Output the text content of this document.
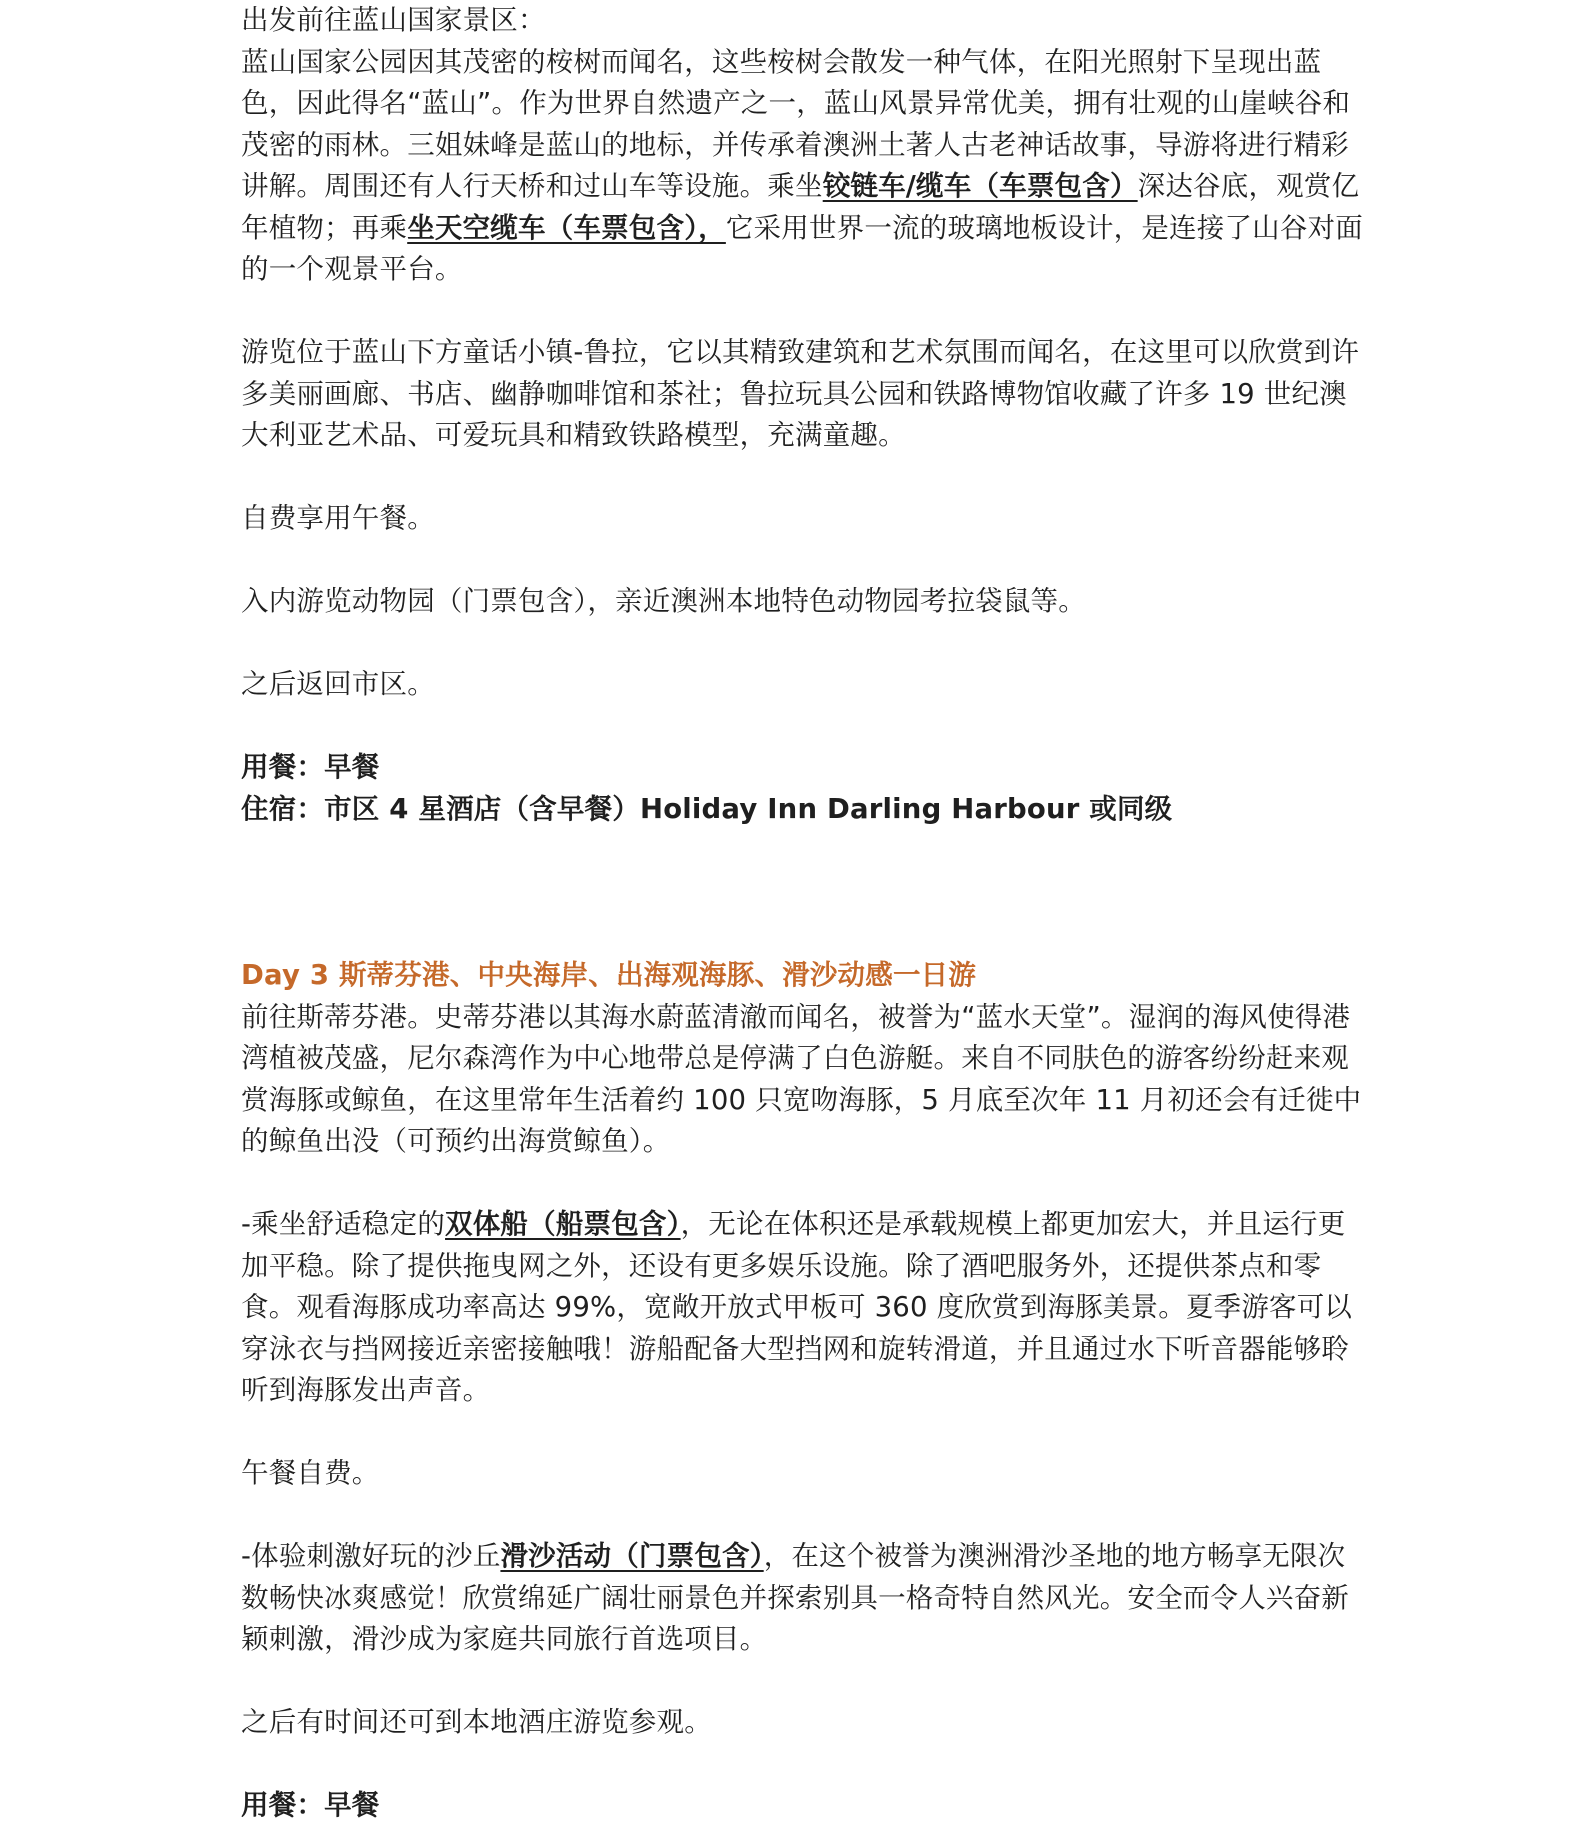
出发前往蓝山国家景区：

蓝山国家公园因其茂密的桉树而闻名，这些桉树会散发一种气体，在阳光照射下呈现出蓝色，因此得名“蓝山”。作为世界自然遗产之一，蓝山风景异常优美，拥有壮观的山崖峡谷和茂密的雨林。三姐妹峰是蓝山的地标，并传承着澳洲土著人古老神话故事，导游将进行精彩讲解。周围还有人行天桥和过山车等设施。乘坐铰链车/缆车（车票包含）深达谷底，观赏亿年植物；再乘坐天空缆车（车票包含），它采用世界一流的玻璃地板设计，是连接了山谷对面的一个观景平台。

游览位于蓝山下方童话小镇-鲁拉，它以其精致建筑和艺术氛围而闻名，在这里可以欣赏到许多美丽画廊、书店、幽静咖啡馆和茶社；鲁拉玩具公园和铁路博物馆收藏了许多 19 世纪澳大利亚艺术品、可爱玩具和精致铁路模型，充满童趣。

自费享用午餐。

入内游览动物园（门票包含），亲近澳洲本地特色动物园考拉袋鼠等。

之后返回市区。

用餐：早餐

住宿：市区 4 星酒店（含早餐）Holiday Inn Darling Harbour 或同级

Day 3 斯蒂芬港、中央海岸、出海观海豚、滑沙动感一日游

前往斯蒂芬港。史蒂芬港以其海水蔚蓝清澈而闻名，被誉为“蓝水天堂”。湿润的海风使得港湾植被茂盛，尼尔森湾作为中心地带总是停满了白色游艇。来自不同肤色的游客纷纷赶来观赏海豚或鲸鱼，在这里常年生活着约 100 只宽吻海豚，5 月底至次年 11 月初还会有迁徙中的鲸鱼出没（可预约出海赏鲸鱼）。

-乘坐舒适稳定的双体船（船票包含），无论在体积还是承载规模上都更加宏大，并且运行更加平稳。除了提供拖曳网之外，还设有更多娱乐设施。除了酒吧服务外，还提供茶点和零食。观看海豚成功率高达 99%，宽敞开放式甲板可 360 度欣赏到海豚美景。夏季游客可以穿泳衣与挡网接近亲密接触哦！游船配备大型挡网和旋转滑道，并且通过水下听音器能够聆听到海豚发出声音。

午餐自费。

-体验刺激好玩的沙丘滑沙活动（门票包含），在这个被誉为澳洲滑沙圣地的地方畅享无限次数畅快冰爽感觉！欣赏绵延广阔壮丽景色并探索别具一格奇特自然风光。安全而令人兴奋新颖刺激，滑沙成为家庭共同旅行首选项目。

之后有时间还可到本地酒庄游览参观。

用餐：早餐
